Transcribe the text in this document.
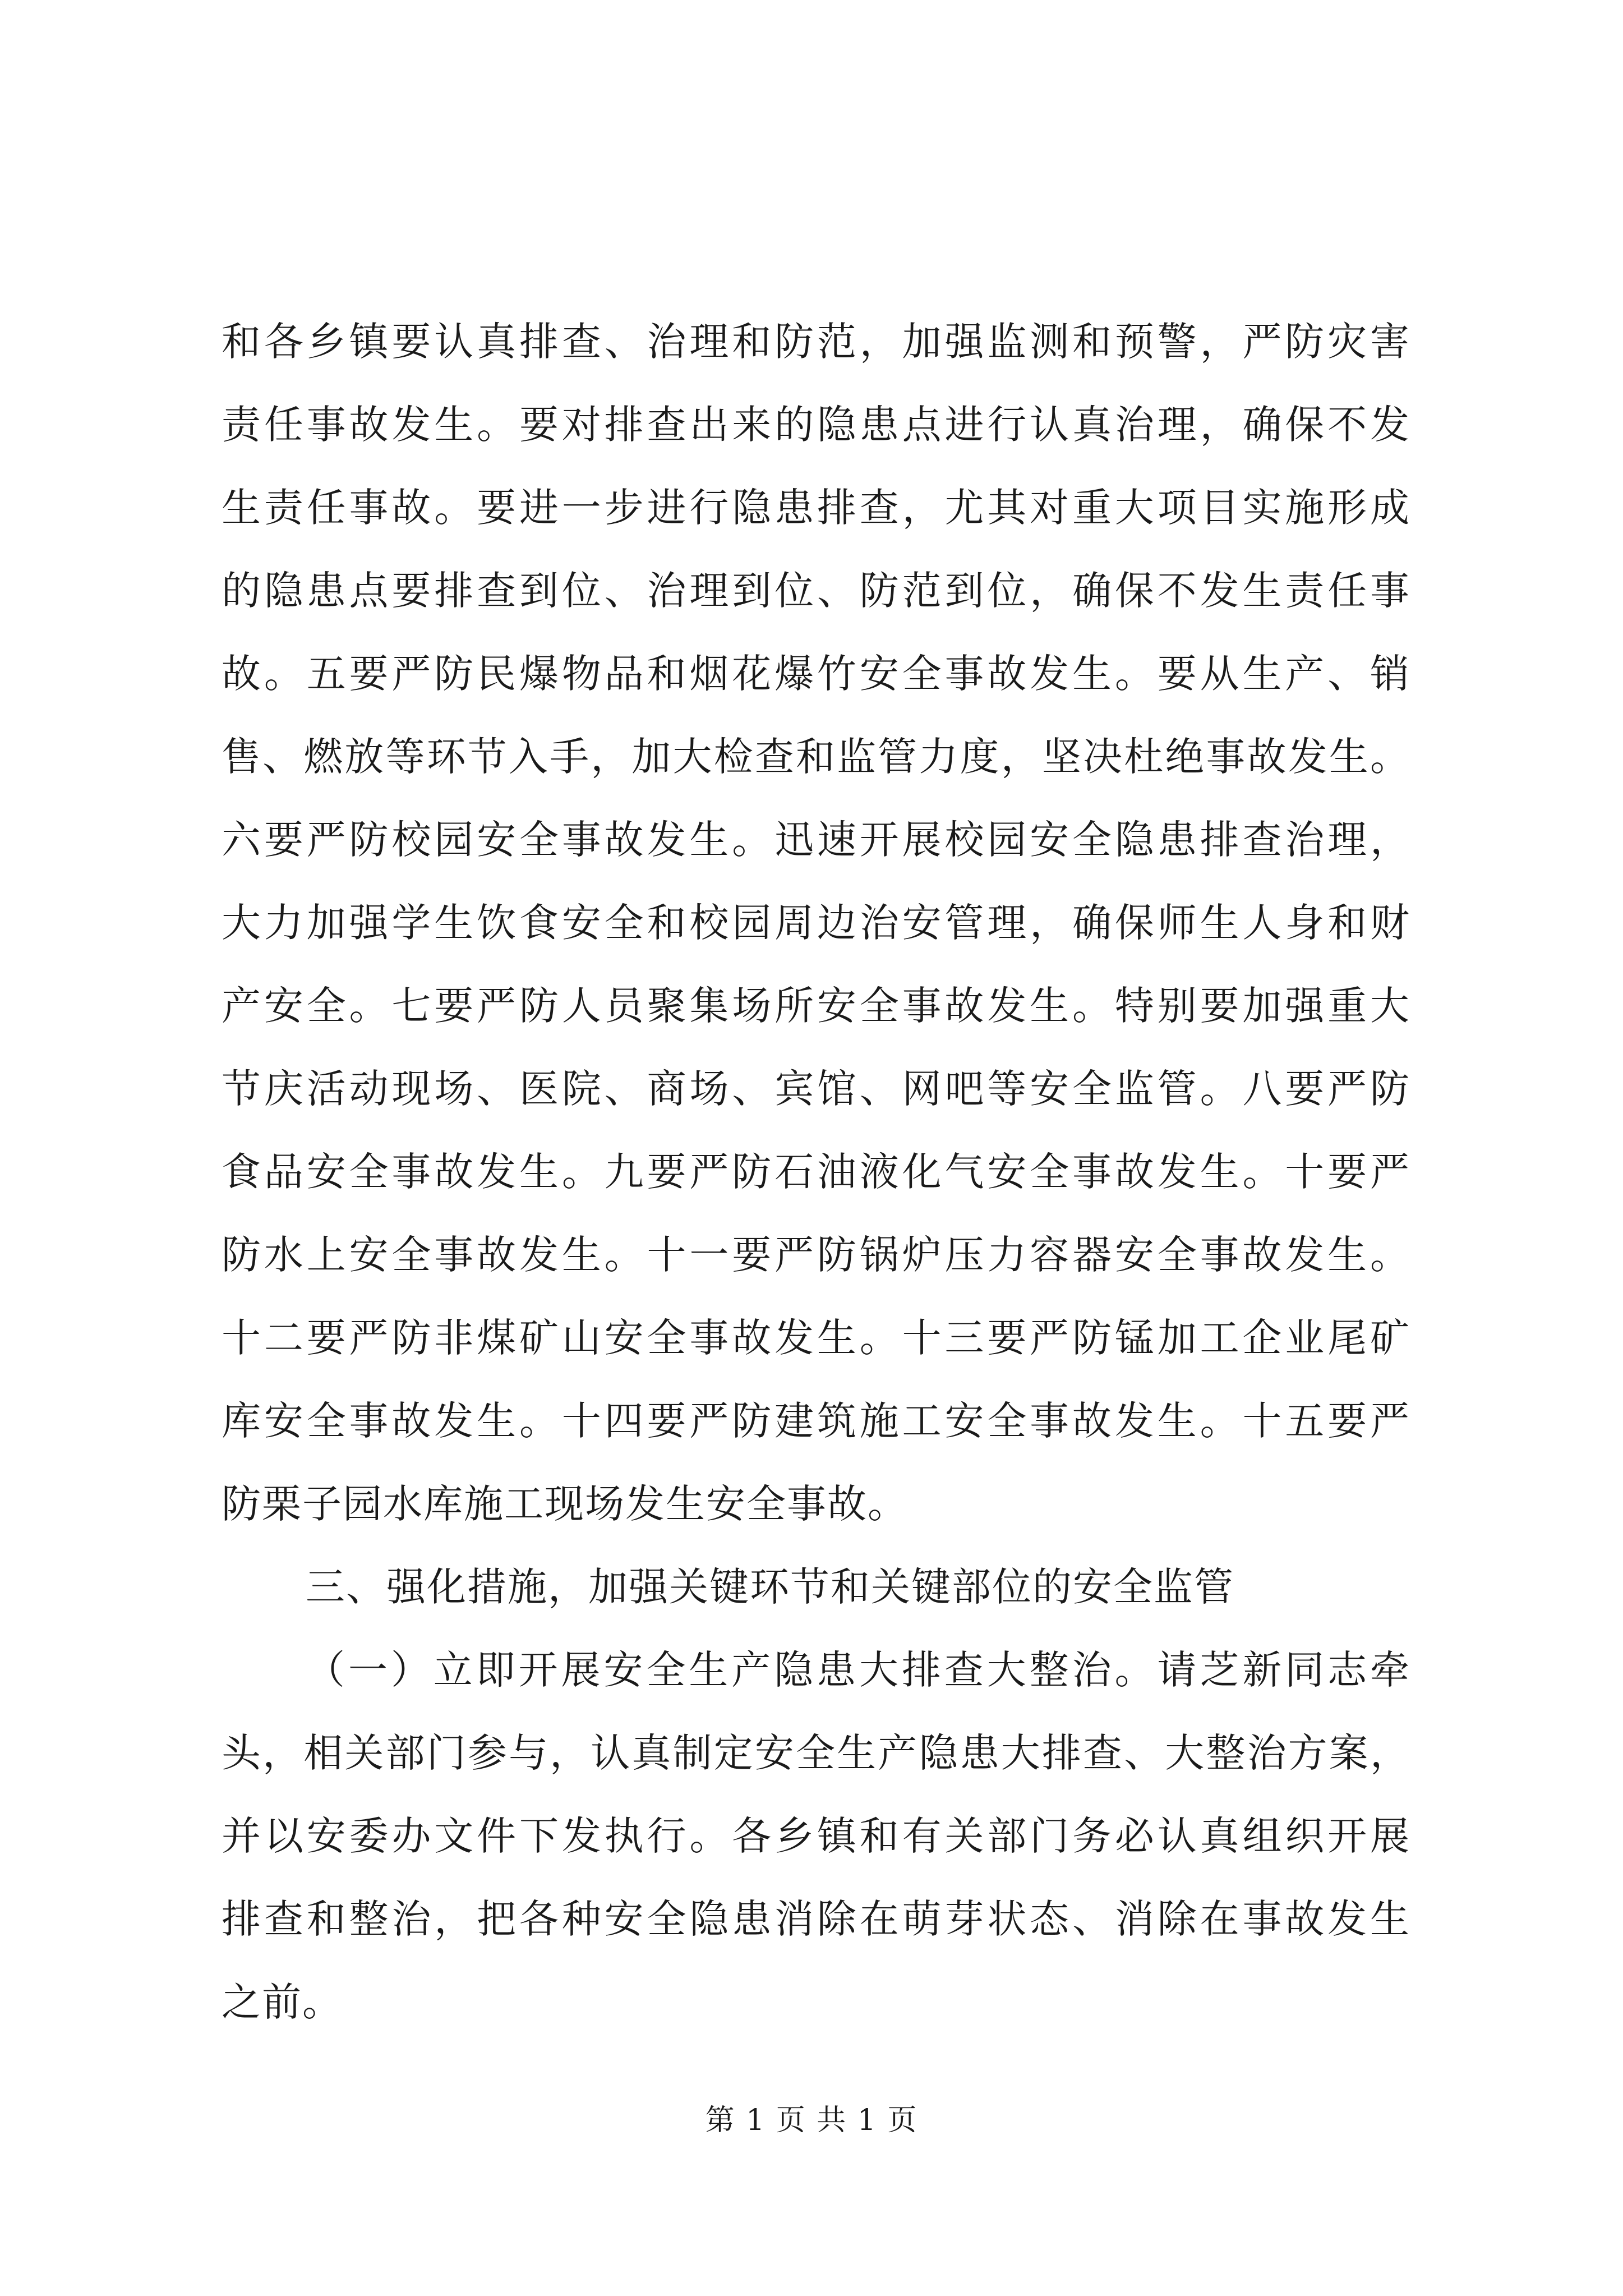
和各乡镇要认真排查、治理和防范，加强监测和预警，严防灾害
责任事故发生。要对排查出来的隐患点进行认真治理，确保不发
生责任事故。要进一步进行隐患排查，尤其对重大项目实施形成
的隐患点要排查到位、治理到位、防范到位，确保不发生责任事
故。五要严防民爆物品和烟花爆竹安全事故发生。要从生产、销
售、燃放等环节入手，加大检查和监管力度，坚决杜绝事故发生。
六要严防校园安全事故发生。迅速开展校园安全隐患排查治理，
大力加强学生饮食安全和校园周边治安管理，确保师生人身和财
产安全。七要严防人员聚集场所安全事故发生。特别要加强重大
节庆活动现场、医院、商场、宾馆、网吧等安全监管。八要严防
食品安全事故发生。九要严防石油液化气安全事故发生。十要严
防水上安全事故发生。十一要严防锅炉压力容器安全事故发生。
十二要严防非煤矿山安全事故发生。十三要严防锰加工企业尾矿
库安全事故发生。十四要严防建筑施工安全事故发生。十五要严
防栗子园水库施工现场发生安全事故。
三、强化措施，加强关键环节和关键部位的安全监管
（一）立即开展安全生产隐患大排查大整治。请芝新同志牵
头，相关部门参与，认真制定安全生产隐患大排查、大整治方案，
并以安委办文件下发执行。各乡镇和有关部门务必认真组织开展
排查和整治，把各种安全隐患消除在萌芽状态、消除在事故发生
之前。
第 1 页 共 1 页
